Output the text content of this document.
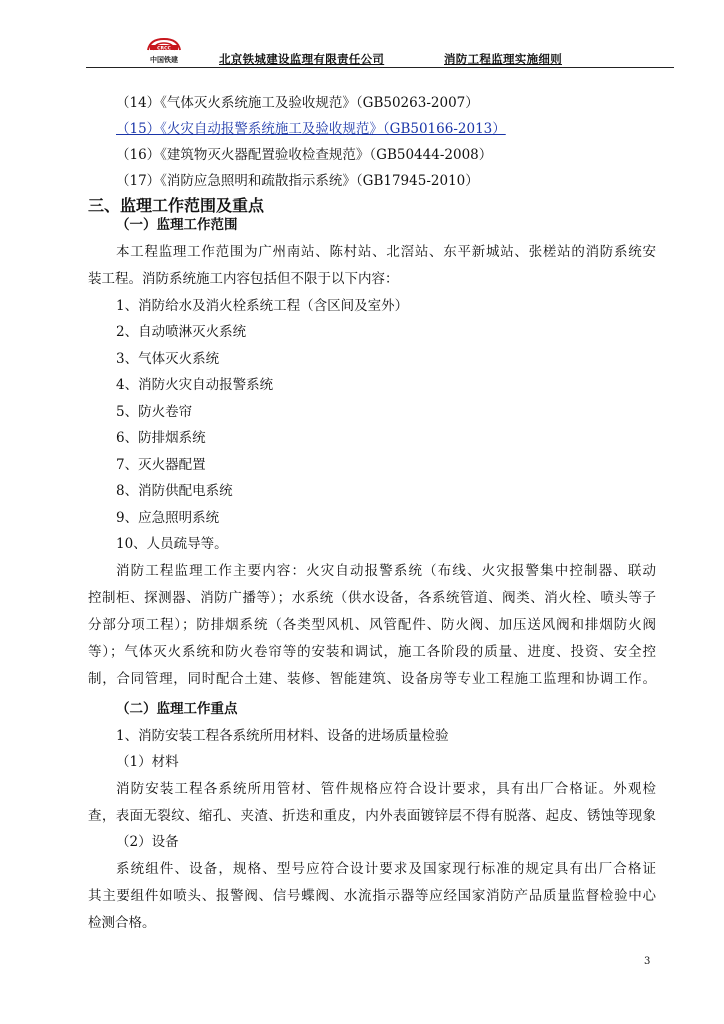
CRCC
中国铁建	北京铁城建设监理有限责任公司	消防工程监理实施细则
（14）《气体灭火系统施工及验收规范》（GB50263-2007）
（15）《火灾自动报警系统施工及验收规范》（GB50166-2013）
（16）《建筑物灭火器配置验收检查规范》（GB50444-2008）
（17）《消防应急照明和疏散指示系统》（GB17945-2010）
三、监理工作范围及重点
（一）监理工作范围
本工程监理工作范围为广州南站、陈村站、北滘站、东平新城站、张槎站的消防系统安
装工程。消防系统施工内容包括但不限于以下内容：
1、消防给水及消火栓系统工程（含区间及室外）
2、自动喷淋灭火系统
3、气体灭火系统
4、消防火灾自动报警系统
5、防火卷帘
6、防排烟系统
7、灭火器配置
8、消防供配电系统
9、应急照明系统
10、人员疏导等。
消防工程监理工作主要内容：火灾自动报警系统（布线、火灾报警集中控制器、联动
控制柜、探测器、消防广播等）；水系统（供水设备，各系统管道、阀类、消火栓、喷头等子
分部分项工程）；防排烟系统（各类型风机、风管配件、防火阀、加压送风阀和排烟防火阀
等）；气体灭火系统和防火卷帘等的安装和调试，施工各阶段的质量、进度、投资、安全控
制，合同管理，同时配合土建、装修、智能建筑、设备房等专业工程施工监理和协调工作。
（二）监理工作重点
1、消防安装工程各系统所用材料、设备的进场质量检验
（1）材料
消防安装工程各系统所用管材、管件规格应符合设计要求，具有出厂合格证。外观检
查，表面无裂纹、缩孔、夹渣、折迭和重皮，内外表面镀锌层不得有脱落、起皮、锈蚀等现象
（2）设备
系统组件、设备，规格、型号应符合设计要求及国家现行标准的规定具有出厂合格证
其主要组件如喷头、报警阀、信号蝶阀、水流指示器等应经国家消防产品质量监督检验中心
检测合格。
3
